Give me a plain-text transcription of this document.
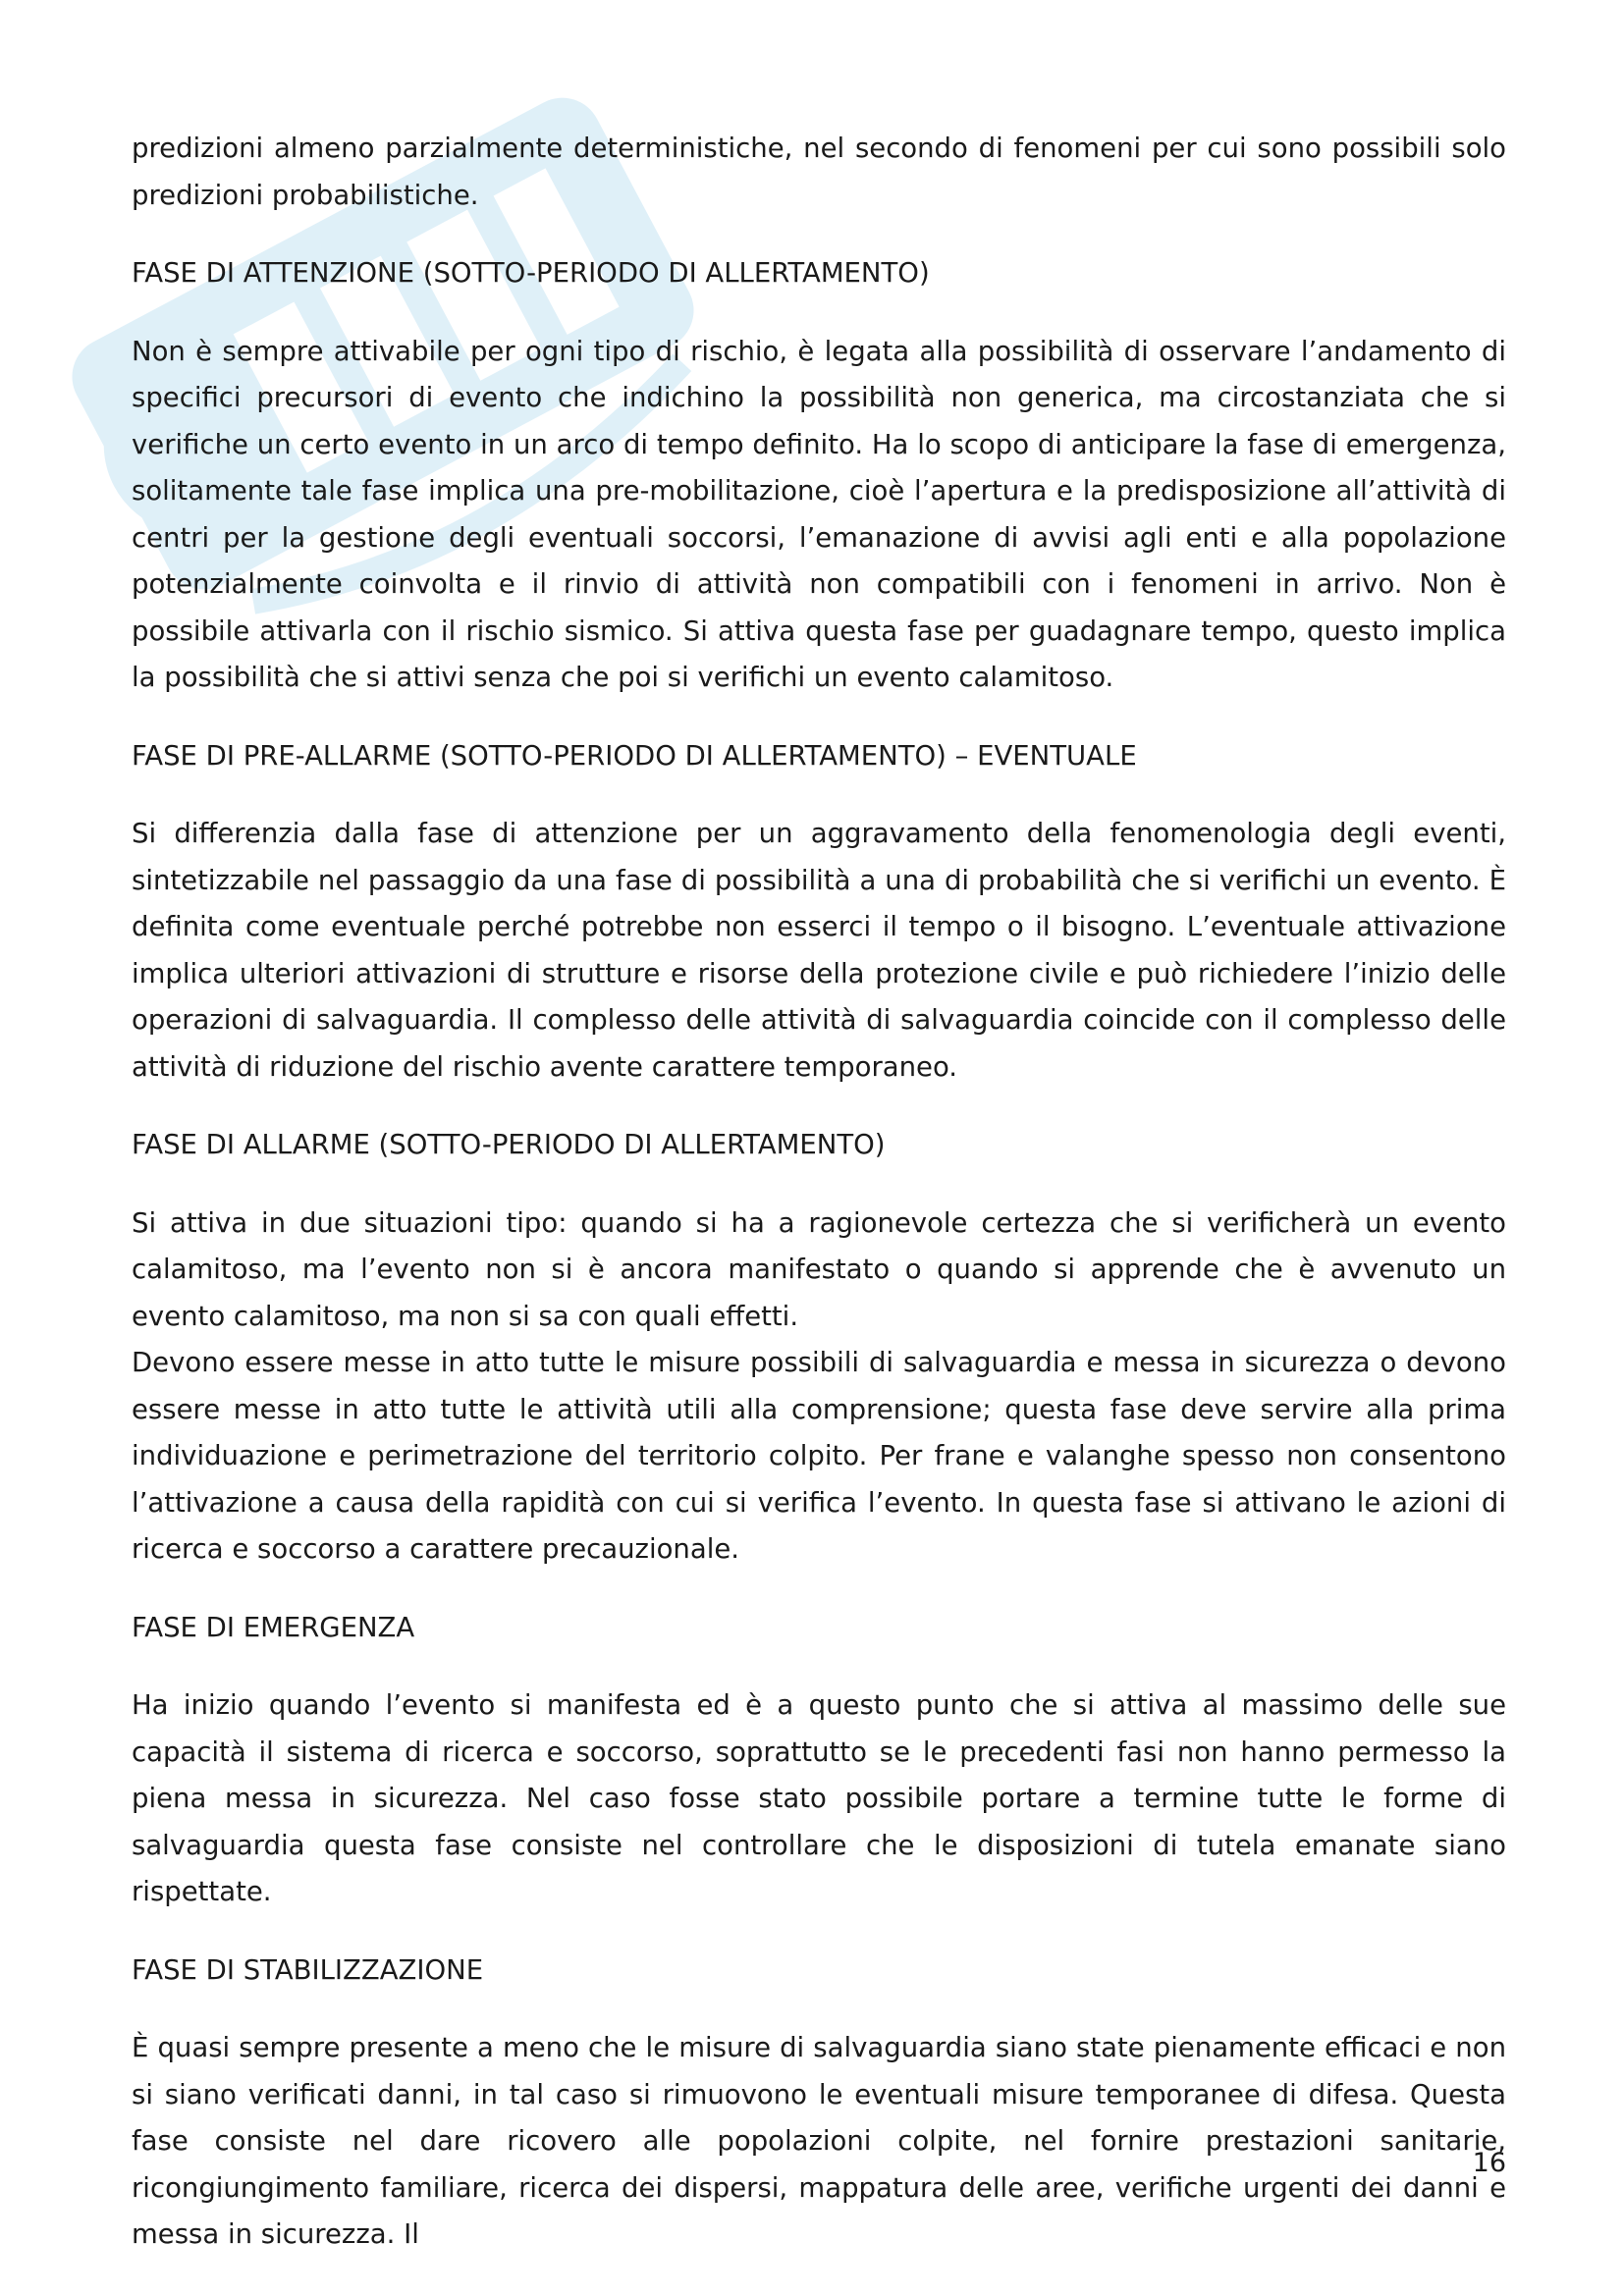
predizioni almeno parzialmente deterministiche, nel secondo di fenomeni per cui sono possibili solo predizioni probabilistiche.

FASE DI ATTENZIONE (SOTTO-PERIODO DI ALLERTAMENTO)

Non è sempre attivabile per ogni tipo di rischio, è legata alla possibilità di osservare l’andamento di specifici precursori di evento che indichino la possibilità non generica, ma circostanziata che si verifiche un certo evento in un arco di tempo definito. Ha lo scopo di anticipare la fase di emergenza, solitamente tale fase implica una pre-mobilitazione, cioè l’apertura e la predisposizione all’attività di centri per la gestione degli eventuali soccorsi, l’emanazione di avvisi agli enti e alla popolazione potenzialmente coinvolta e il rinvio di attività non compatibili con i fenomeni in arrivo. Non è possibile attivarla con il rischio sismico. Si attiva questa fase per guadagnare tempo, questo implica la possibilità che si attivi senza che poi si verifichi un evento calamitoso.

FASE DI PRE-ALLARME (SOTTO-PERIODO DI ALLERTAMENTO) – EVENTUALE

Si differenzia dalla fase di attenzione per un aggravamento della fenomenologia degli eventi, sintetizzabile nel passaggio da una fase di possibilità a una di probabilità che si verifichi un evento. È definita come eventuale perché potrebbe non esserci il tempo o il bisogno. L’eventuale attivazione implica ulteriori attivazioni di strutture e risorse della protezione civile e può richiedere l’inizio delle operazioni di salvaguardia. Il complesso delle attività di salvaguardia coincide con il complesso delle attività di riduzione del rischio avente carattere temporaneo.

FASE DI ALLARME (SOTTO-PERIODO DI ALLERTAMENTO)

Si attiva in due situazioni tipo: quando si ha a ragionevole certezza che si verificherà un evento calamitoso, ma l’evento non si è ancora manifestato o quando si apprende che è avvenuto un evento calamitoso, ma non si sa con quali effetti.

Devono essere messe in atto tutte le misure possibili di salvaguardia e messa in sicurezza o devono essere messe in atto tutte le attività utili alla comprensione; questa fase deve servire alla prima individuazione e perimetrazione del territorio colpito. Per frane e valanghe spesso non consentono l’attivazione a causa della rapidità con cui si verifica l’evento. In questa fase si attivano le azioni di ricerca e soccorso a carattere precauzionale.

FASE DI EMERGENZA

Ha inizio quando l’evento si manifesta ed è a questo punto che si attiva al massimo delle sue capacità il sistema di ricerca e soccorso, soprattutto se le precedenti fasi non hanno permesso la piena messa in sicurezza. Nel caso fosse stato possibile portare a termine tutte le forme di salvaguardia questa fase consiste nel controllare che le disposizioni di tutela emanate siano rispettate.

FASE DI STABILIZZAZIONE

È quasi sempre presente a meno che le misure di salvaguardia siano state pienamente efficaci e non si siano verificati danni, in tal caso si rimuovono le eventuali misure temporanee di difesa. Questa fase consiste nel dare ricovero alle popolazioni colpite, nel fornire prestazioni sanitarie, ricongiungimento familiare, ricerca dei dispersi, mappatura delle aree, verifiche urgenti dei danni e messa in sicurezza. Il

16
